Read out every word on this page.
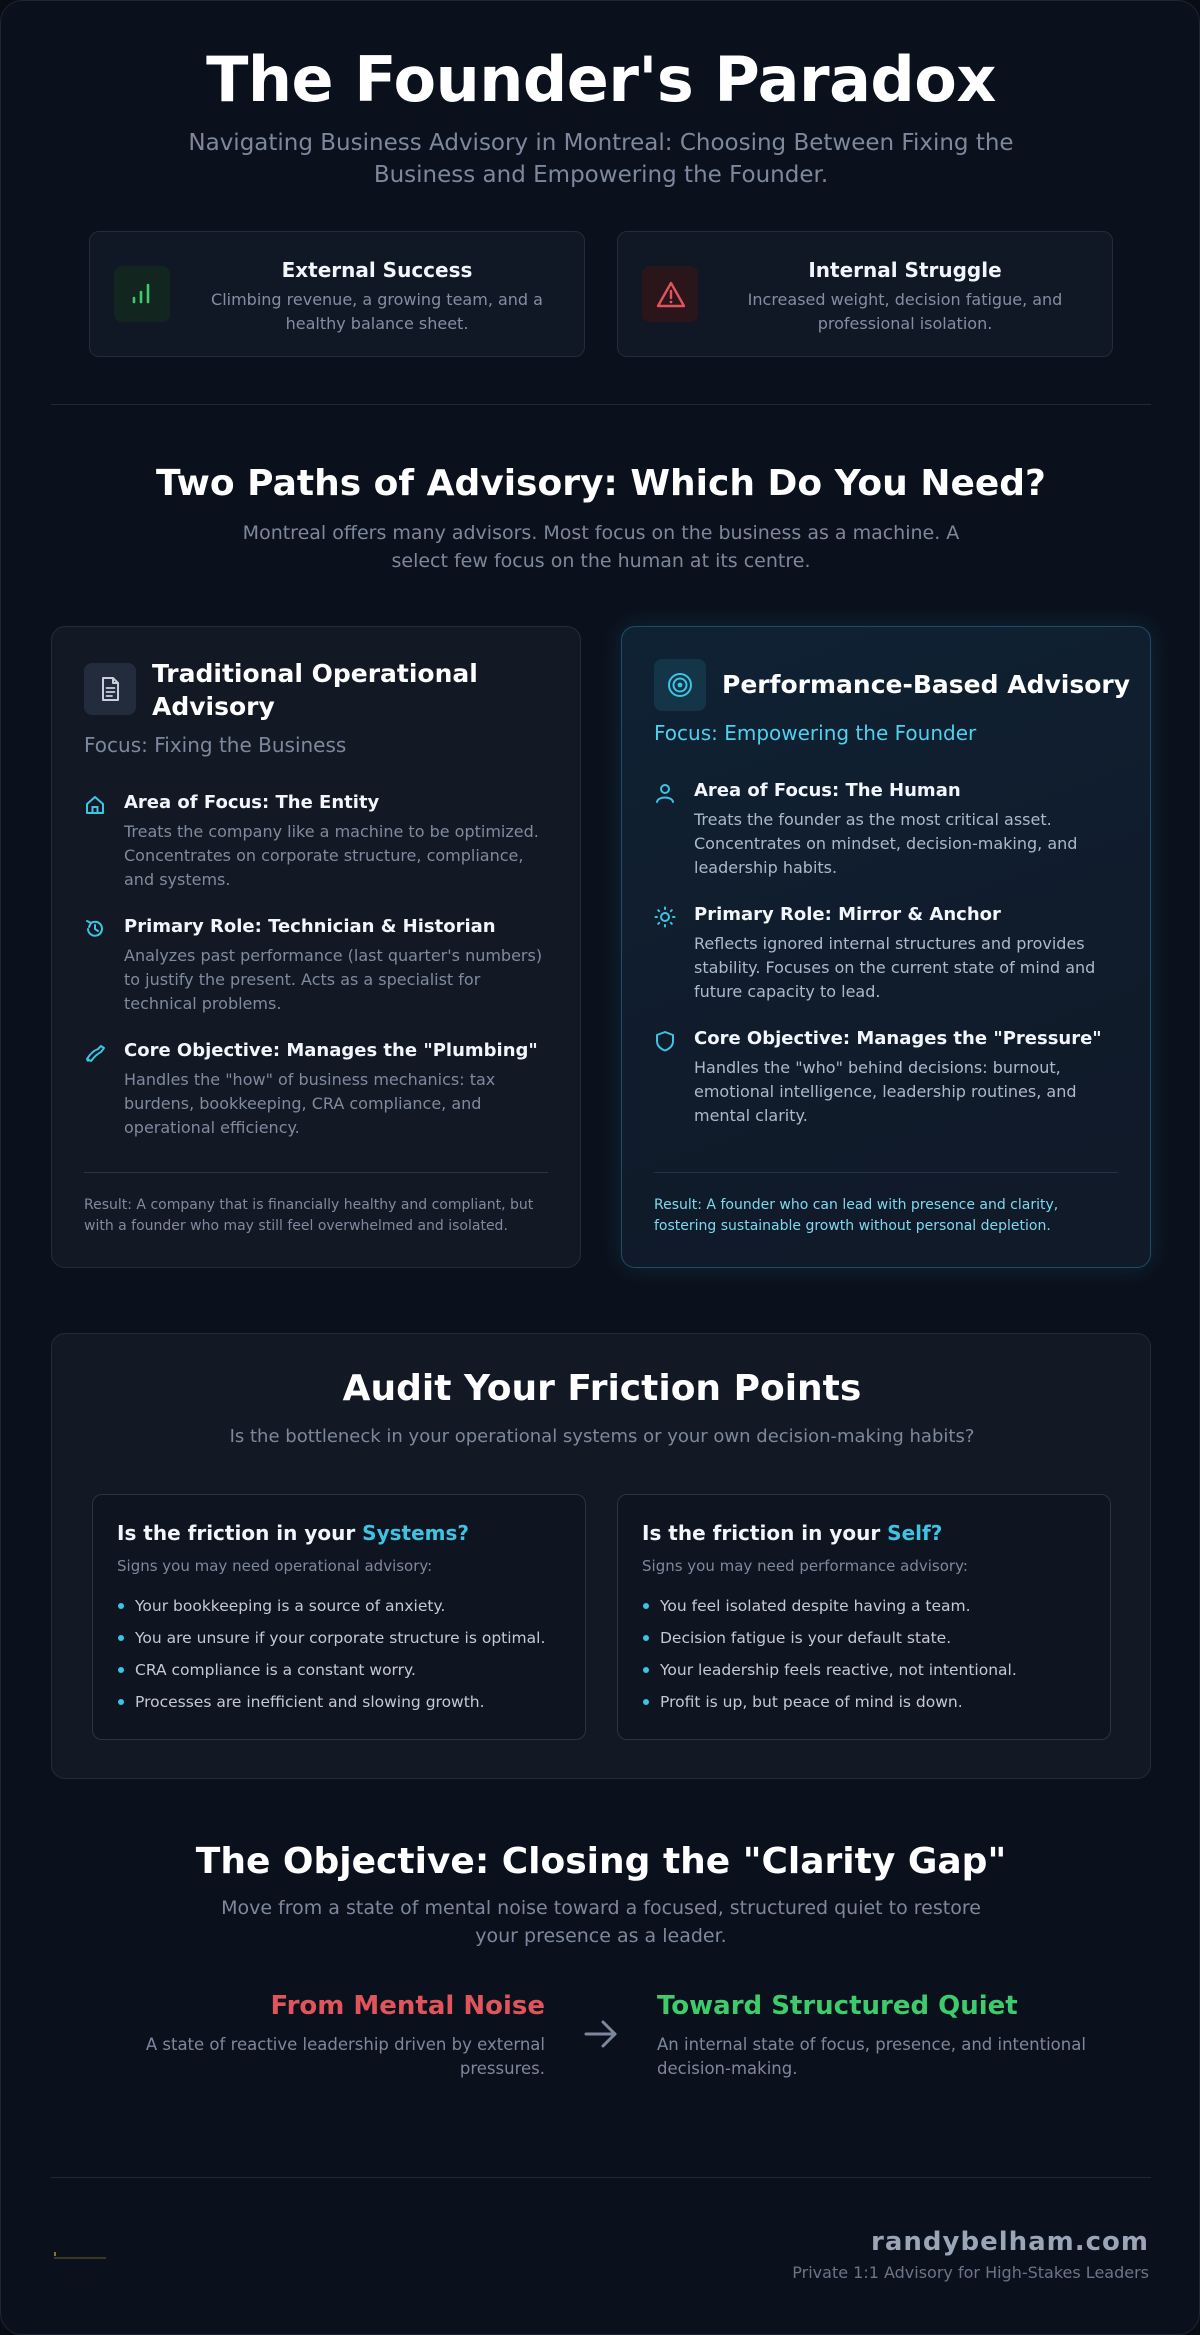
The Founder's Paradox

Navigating Business Advisory in Montreal: Choosing Between Fixing the Business and Empowering the Founder.

External Success
Climbing revenue, a growing team, and a healthy balance sheet.
Internal Struggle
Increased weight, decision fatigue, and professional isolation.
Two Paths of Advisory: Which Do You Need?

Montreal offers many advisors. Most focus on the business as a machine. A select few focus on the human at its centre.

Traditional Operational Advisory
Focus: Fixing the Business
Area of Focus: The Entity
Treats the company like a machine to be optimized. Concentrates on corporate structure, compliance, and systems.
Primary Role: Technician & Historian
Analyzes past performance (last quarter's numbers) to justify the present. Acts as a specialist for technical problems.
Core Objective: Manages the "Plumbing"
Handles the "how" of business mechanics: tax burdens, bookkeeping, CRA compliance, and operational efficiency.
Result: A company that is financially healthy and compliant, but with a founder who may still feel overwhelmed and isolated.
Performance-Based Advisory
Focus: Empowering the Founder
Area of Focus: The Human
Treats the founder as the most critical asset. Concentrates on mindset, decision-making, and leadership habits.
Primary Role: Mirror & Anchor
Reflects ignored internal structures and provides stability. Focuses on the current state of mind and future capacity to lead.
Core Objective: Manages the "Pressure"
Handles the "who" behind decisions: burnout, emotional intelligence, leadership routines, and mental clarity.
Result: A founder who can lead with presence and clarity, fostering sustainable growth without personal depletion.
Audit Your Friction Points

Is the bottleneck in your operational systems or your own decision-making habits?

Is the friction in your Systems?
Signs you may need operational advisory:
Your bookkeeping is a source of anxiety.
You are unsure if your corporate structure is optimal.
CRA compliance is a constant worry.
Processes are inefficient and slowing growth.
Is the friction in your Self?
Signs you may need performance advisory:
You feel isolated despite having a team.
Decision fatigue is your default state.
Your leadership feels reactive, not intentional.
Profit is up, but peace of mind is down.
The Objective: Closing the "Clarity Gap"

Move from a state of mental noise toward a focused, structured quiet to restore your presence as a leader.

From Mental Noise
A state of reactive leadership driven by external pressures.
Toward Structured Quiet
An internal state of focus, presence, and intentional decision-making.
randybelham.com
Private 1:1 Advisory for High-Stakes Leaders
